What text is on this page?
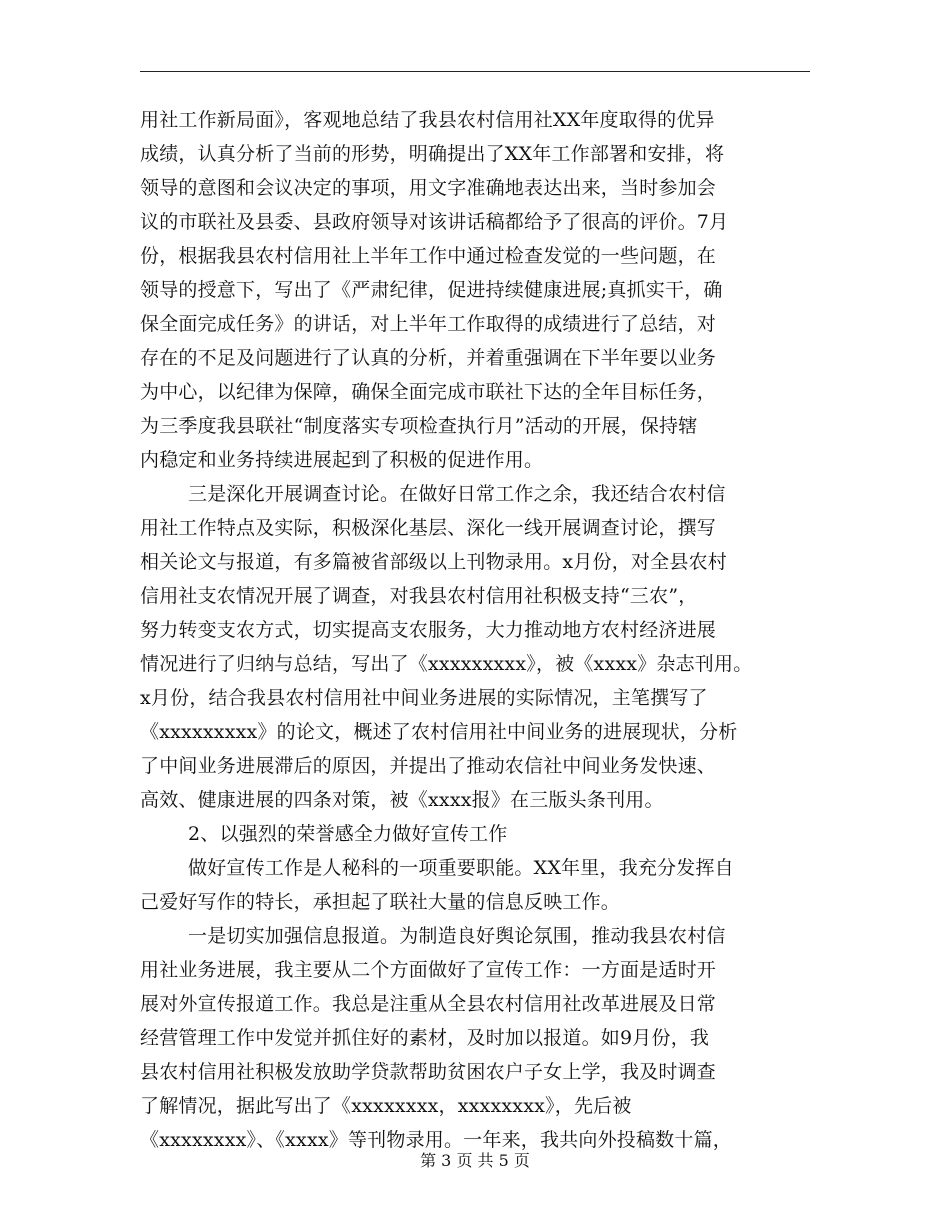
用社工作新局面》，客观地总结了我县农村信用社XX年度取得的优异
成绩，认真分析了当前的形势，明确提出了XX年工作部署和安排，将
领导的意图和会议决定的事项，用文字准确地表达出来，当时参加会
议的市联社及县委、县政府领导对该讲话稿都给予了很高的评价。7月
份，根据我县农村信用社上半年工作中通过检查发觉的一些问题，在
领导的授意下，写出了《严肃纪律，促进持续健康进展;真抓实干，确
保全面完成任务》的讲话，对上半年工作取得的成绩进行了总结，对
存在的不足及问题进行了认真的分析，并着重强调在下半年要以业务
为中心，以纪律为保障，确保全面完成市联社下达的全年目标任务，
为三季度我县联社“制度落实专项检查执行月”活动的开展，保持辖
内稳定和业务持续进展起到了积极的促进作用。
三是深化开展调查讨论。在做好日常工作之余，我还结合农村信
用社工作特点及实际，积极深化基层、深化一线开展调查讨论，撰写
相关论文与报道，有多篇被省部级以上刊物录用。x月份，对全县农村
信用社支农情况开展了调查，对我县农村信用社积极支持“三农”，
努力转变支农方式，切实提高支农服务，大力推动地方农村经济进展
情况进行了归纳与总结，写出了《xxxxxxxxx》，被《xxxx》杂志刊用。
x月份，结合我县农村信用社中间业务进展的实际情况，主笔撰写了
《xxxxxxxxx》的论文，概述了农村信用社中间业务的进展现状，分析
了中间业务进展滞后的原因，并提出了推动农信社中间业务发快速、
高效、健康进展的四条对策，被《xxxx报》在三版头条刊用。
2、以强烈的荣誉感全力做好宣传工作
做好宣传工作是人秘科的一项重要职能。XX年里，我充分发挥自
己爱好写作的特长，承担起了联社大量的信息反映工作。
一是切实加强信息报道。为制造良好舆论氛围，推动我县农村信
用社业务进展，我主要从二个方面做好了宣传工作：一方面是适时开
展对外宣传报道工作。我总是注重从全县农村信用社改革进展及日常
经营管理工作中发觉并抓住好的素材，及时加以报道。如9月份，我
县农村信用社积极发放助学贷款帮助贫困农户子女上学，我及时调查
了解情况，据此写出了《xxxxxxxx，xxxxxxxx》，先后被
《xxxxxxxx》、《xxxx》等刊物录用。一年来，我共向外投稿数十篇，
第 3 页 共 5 页
